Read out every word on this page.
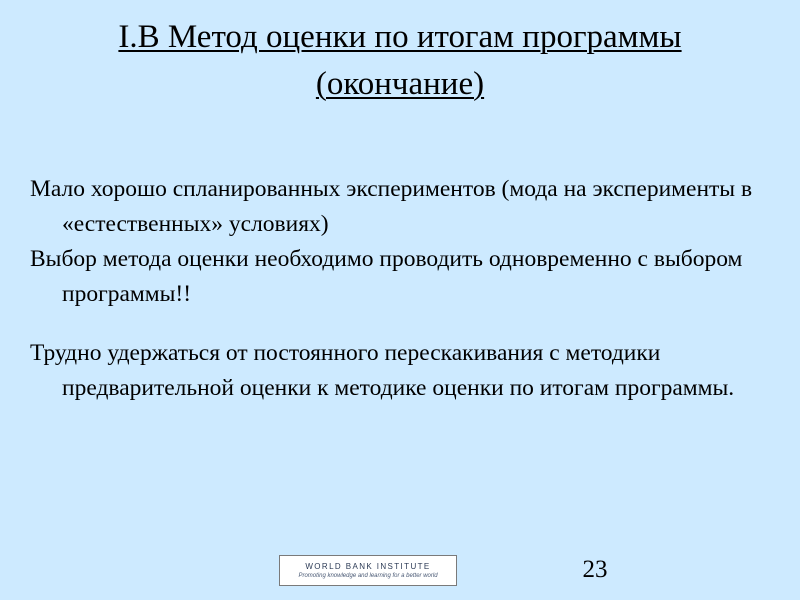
I.B Метод оценки по итогам программы
(окончание)

Мало хорошо спланированных экспериментов (мода на эксперименты в «естественных» условиях)

Выбор метода оценки необходимо проводить одновременно с выбором программы!!

Трудно удержаться от постоянного перескакивания с методики предварительной оценки к методике оценки по итогам программы.

WORLD BANK INSTITUTE
Promoting knowledge and learning for a better world	23
